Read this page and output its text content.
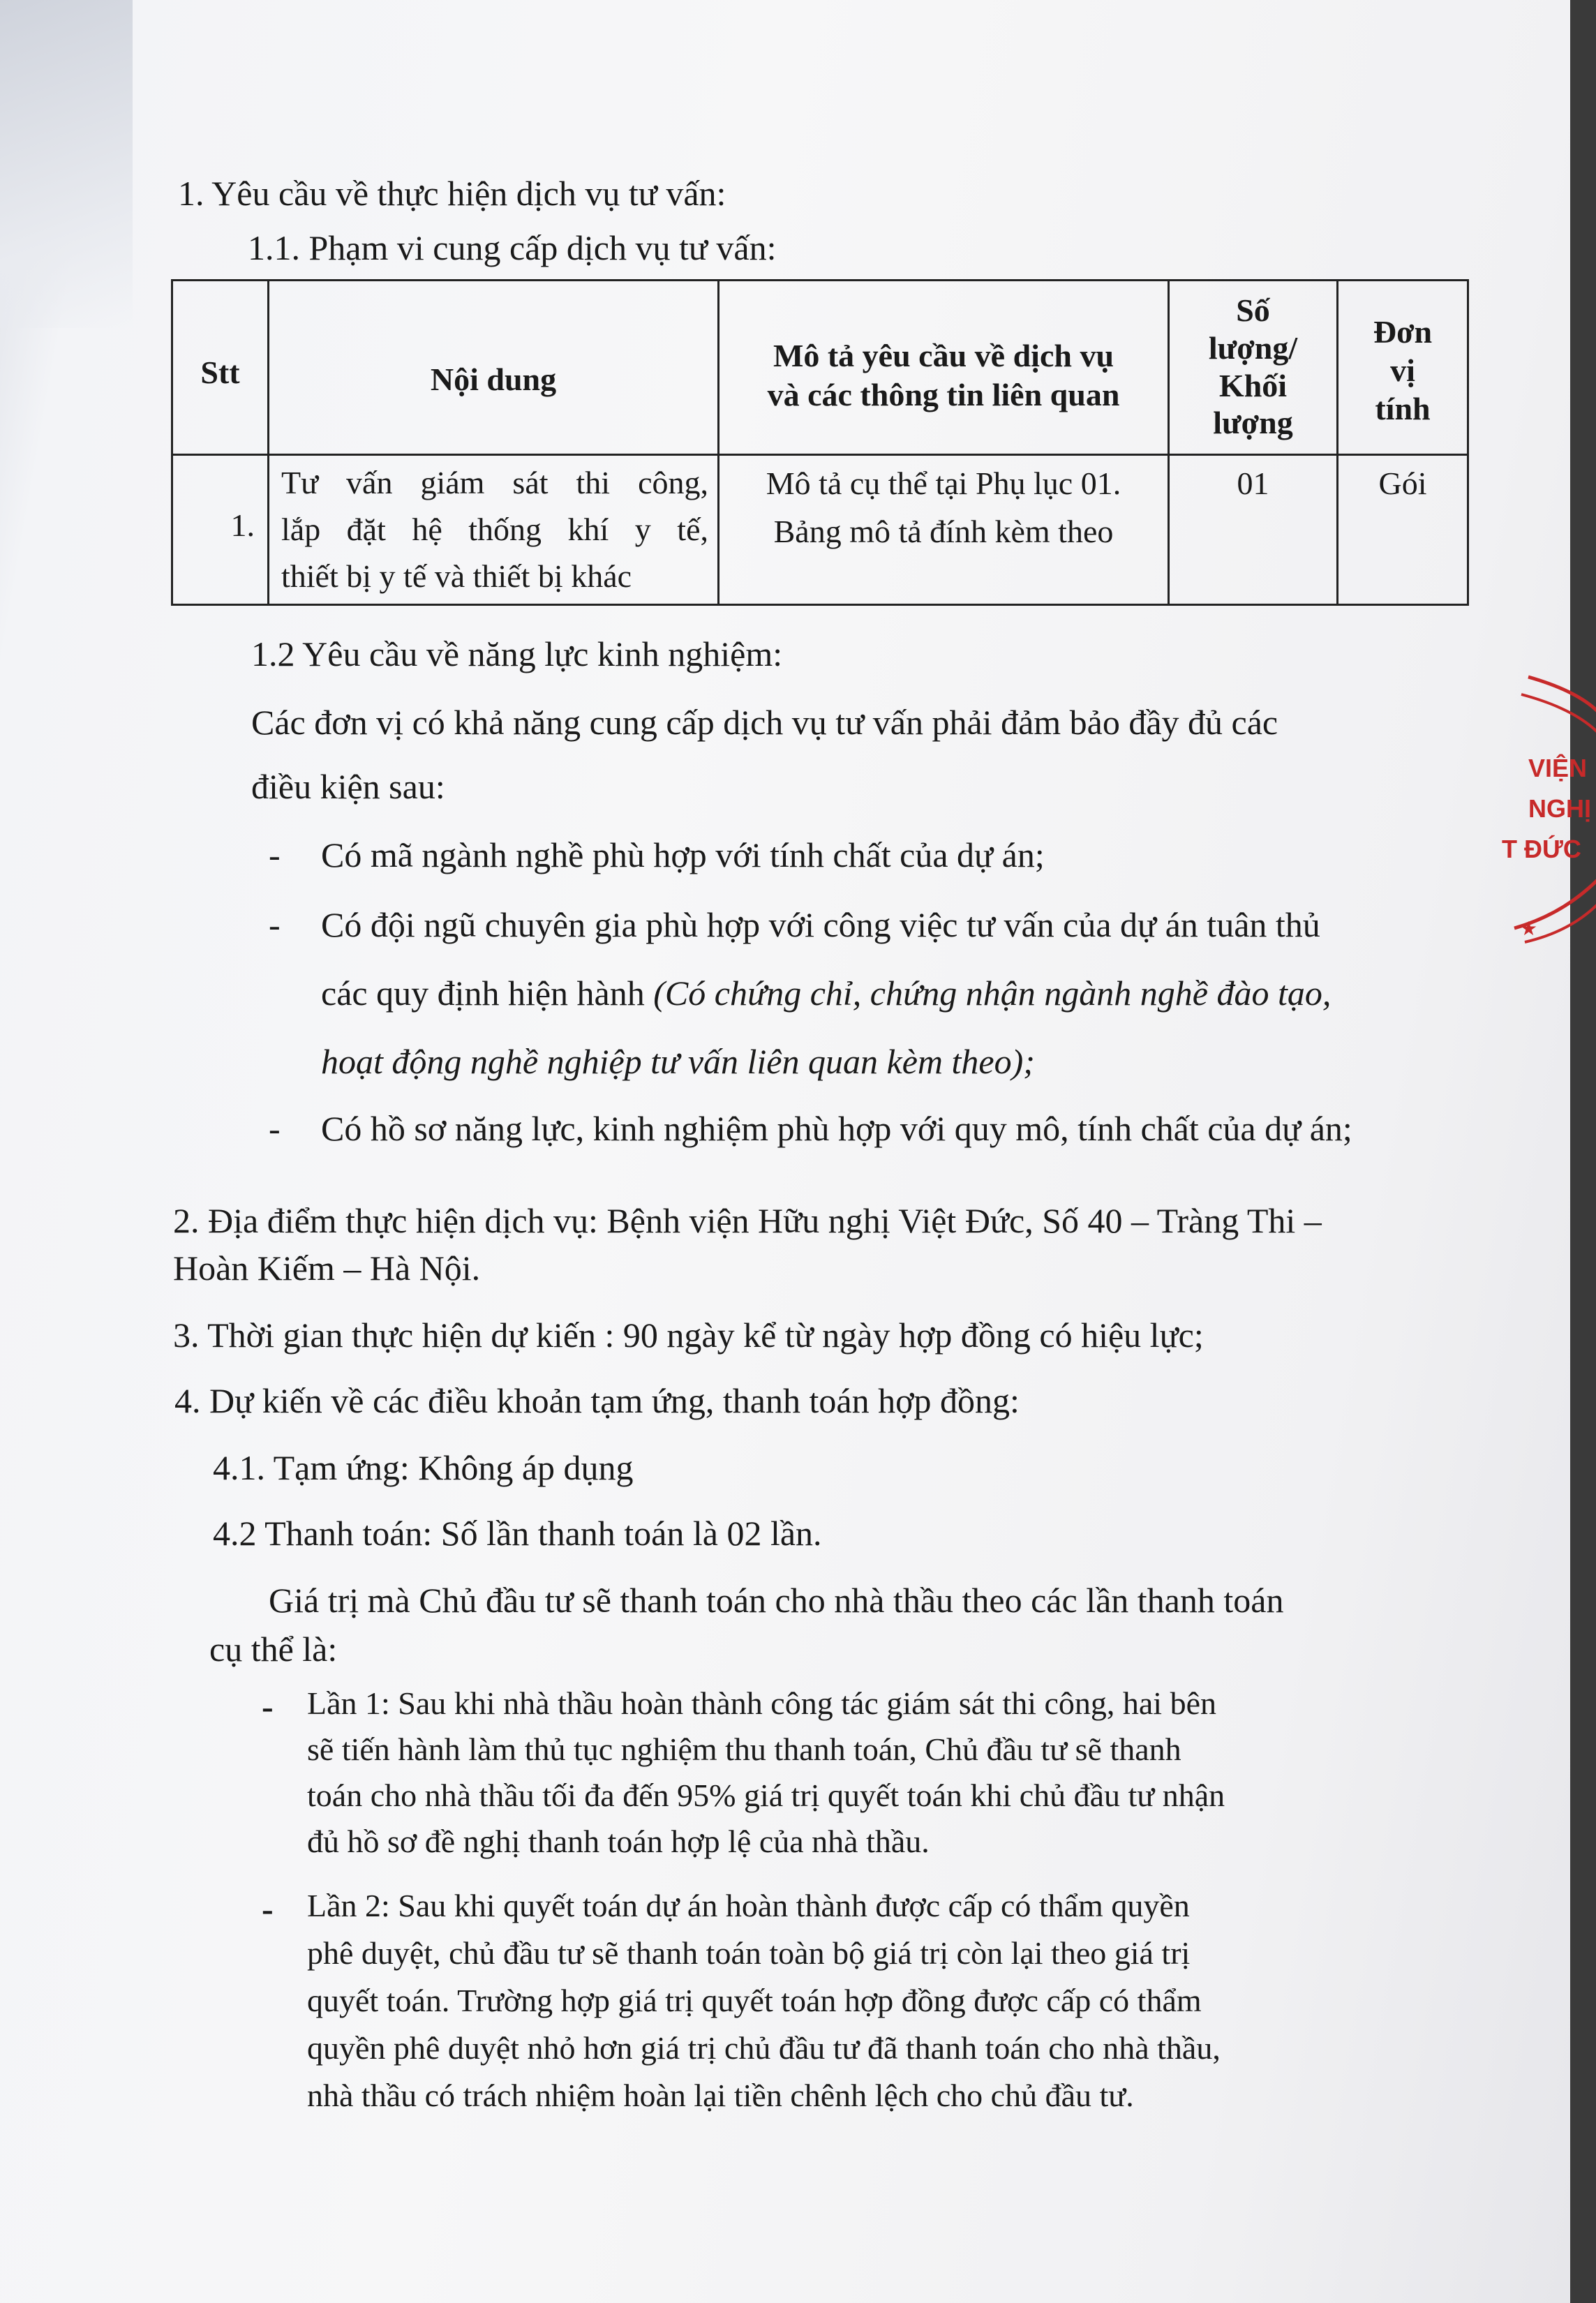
1. Yêu cầu về thực hiện dịch vụ tư vấn:
1.1. Phạm vi cung cấp dịch vụ tư vấn:
Stt	Nội dung
Mô tả yêu cầu về dịch vụ
và các thông tin liên quan
Số
lượng/
Khối
lượng
Đơn
vị
tính
1.
Tư vấn giám sát thi công,
lắp đặt hệ thống khí y tế,
thiết bị y tế và thiết bị khác
Mô tả cụ thể tại Phụ lục 01.
Bảng mô tả đính kèm theo
01	Gói
1.2 Yêu cầu về năng lực kinh nghiệm:
Các đơn vị có khả năng cung cấp dịch vụ tư vấn phải đảm bảo đầy đủ các
điều kiện sau:
- Có mã ngành nghề phù hợp với tính chất của dự án;
- Có đội ngũ chuyên gia phù hợp với công việc tư vấn của dự án tuân thủ
các quy định hiện hành (Có chứng chỉ, chứng nhận ngành nghề đào tạo,
hoạt động nghề nghiệp tư vấn liên quan kèm theo);
- Có hồ sơ năng lực, kinh nghiệm phù hợp với quy mô, tính chất của dự án;
2. Địa điểm thực hiện dịch vụ: Bệnh viện Hữu nghị Việt Đức, Số 40 – Tràng Thi –
Hoàn Kiếm – Hà Nội.
3. Thời gian thực hiện dự kiến : 90 ngày kể từ ngày hợp đồng có hiệu lực;
4. Dự kiến về các điều khoản tạm ứng, thanh toán hợp đồng:
4.1. Tạm ứng: Không áp dụng
4.2 Thanh toán: Số lần thanh toán là 02 lần.
Giá trị mà Chủ đầu tư sẽ thanh toán cho nhà thầu theo các lần thanh toán
cụ thể là:
- Lần 1: Sau khi nhà thầu hoàn thành công tác giám sát thi công, hai bên
sẽ tiến hành làm thủ tục nghiệm thu thanh toán, Chủ đầu tư sẽ thanh
toán cho nhà thầu tối đa đến 95% giá trị quyết toán khi chủ đầu tư nhận
đủ hồ sơ đề nghị thanh toán hợp lệ của nhà thầu.
- Lần 2: Sau khi quyết toán dự án hoàn thành được cấp có thẩm quyền
phê duyệt, chủ đầu tư sẽ thanh toán toàn bộ giá trị còn lại theo giá trị
quyết toán. Trường hợp giá trị quyết toán hợp đồng được cấp có thẩm
quyền phê duyệt nhỏ hơn giá trị chủ đầu tư đã thanh toán cho nhà thầu,
nhà thầu có trách nhiệm hoàn lại tiền chênh lệch cho chủ đầu tư.
★
VIỆN
NGHỊ
T ĐỨC
